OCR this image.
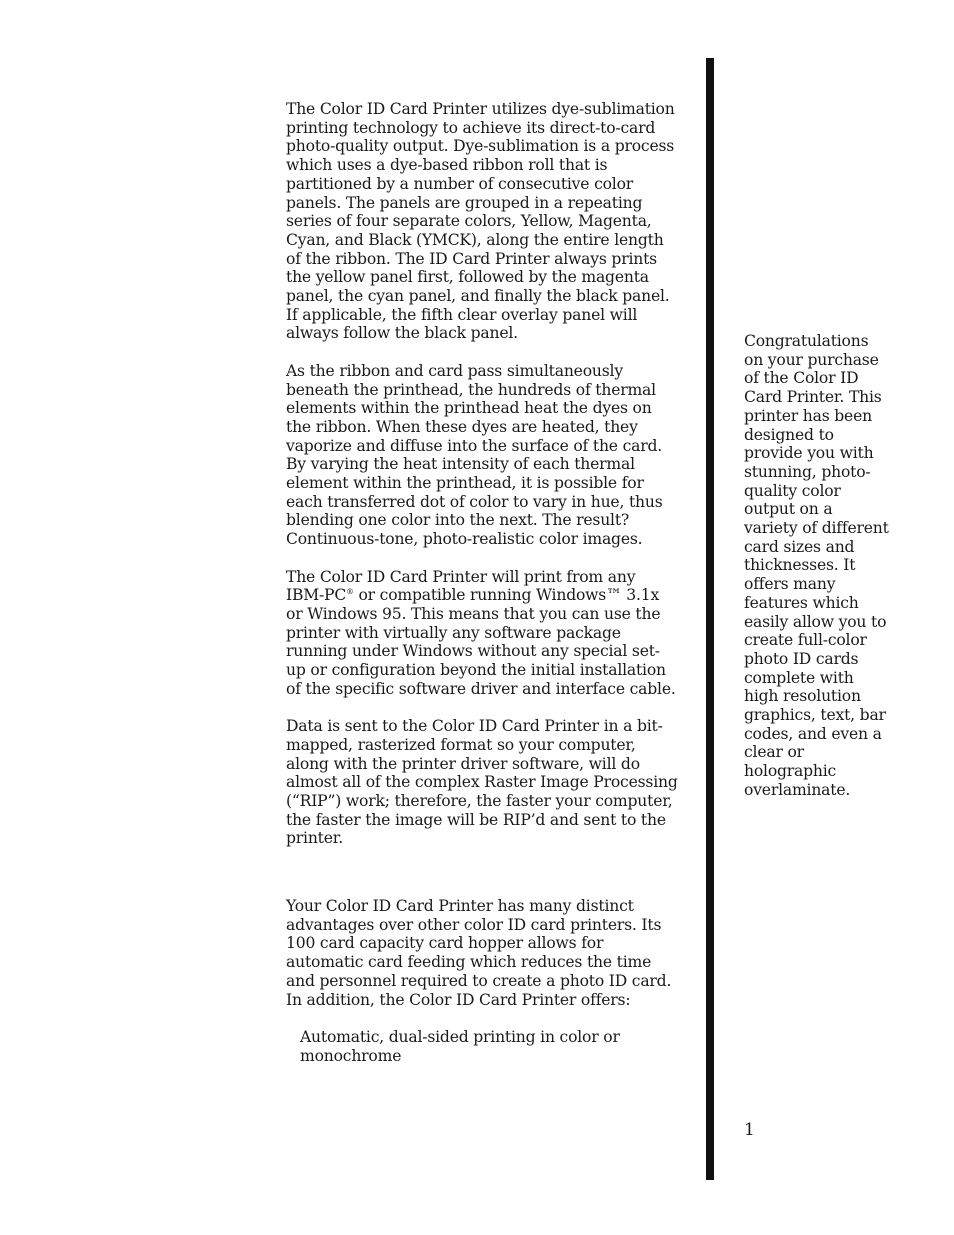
The Color ID Card Printer utilizes dye-sublimation printing technology to achieve its direct-to-card photo-quality output. Dye-sublimation is a process which uses a dye-based ribbon roll that is partitioned by a number of consecutive color panels. The panels are grouped in a repeating series of four separate colors, Yellow, Magenta, Cyan, and Black (YMCK), along the entire length of the ribbon. The ID Card Printer always prints the yellow panel first, followed by the magenta panel, the cyan panel, and finally the black panel. If applicable, the fifth clear overlay panel will always follow the black panel.

As the ribbon and card pass simultaneously beneath the printhead, the hundreds of thermal elements within the printhead heat the dyes on the ribbon. When these dyes are heated, they vaporize and diffuse into the surface of the card. By varying the heat intensity of each thermal element within the printhead, it is possible for each transferred dot of color to vary in hue, thus blending one color into the next. The result? Continuous-tone, photo-realistic color images.

The Color ID Card Printer will print from any IBM-PC® or compatible running Windows™ 3.1x or Windows 95. This means that you can use the printer with virtually any software package running under Windows without any special set-up or configuration beyond the initial installation of the specific software driver and interface cable.

Data is sent to the Color ID Card Printer in a bit-mapped, rasterized format so your computer, along with the printer driver software, will do almost all of the complex Raster Image Processing (“RIP”) work; therefore, the faster your computer, the faster the image will be RIP’d and sent to the printer.

Your Color ID Card Printer has many distinct advantages over other color ID card printers. Its 100 card capacity card hopper allows for automatic card feeding which reduces the time and personnel required to create a photo ID card. In addition, the Color ID Card Printer offers:

Automatic, dual-sided printing in color or monochrome

Congratulations on your purchase of the Color ID Card Printer. This printer has been designed to provide you with stunning, photo-quality color output on a variety of different card sizes and thicknesses. It offers many features which easily allow you to create full-color photo ID cards complete with high resolution graphics, text, bar codes, and even a clear or holographic overlaminate.

1
